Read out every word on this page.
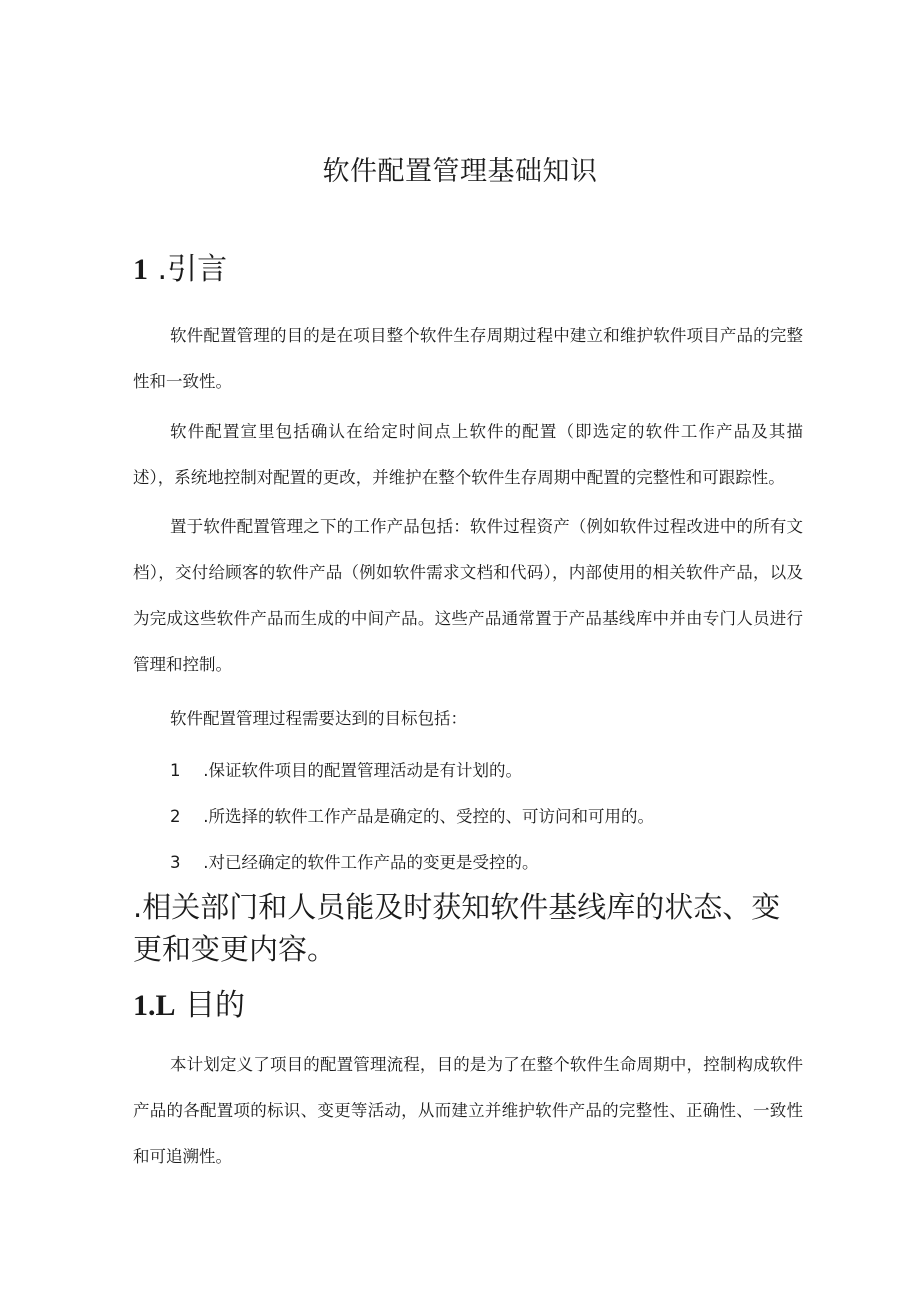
软件配置管理基础知识
1 .引言
软件配置管理的目的是在项目整个软件生存周期过程中建立和维护软件项目产品的完整性和一致性。
软件配置宣里包括确认在给定时间点上软件的配置（即选定的软件工作产品及其描述），系统地控制对配置的更改，并维护在整个软件生存周期中配置的完整性和可跟踪性。
置于软件配置管理之下的工作产品包括：软件过程资产（例如软件过程改进中的所有文档），交付给顾客的软件产品（例如软件需求文档和代码），内部使用的相关软件产品，以及为完成这些软件产品而生成的中间产品。这些产品通常置于产品基线库中并由专门人员进行管理和控制。
软件配置管理过程需要达到的目标包括：
1 .保证软件项目的配置管理活动是有计划的。
2 .所选择的软件工作产品是确定的、受控的、可访问和可用的。
3 .对已经确定的软件工作产品的变更是受控的。
.相关部门和人员能及时获知软件基线库的状态、变更和变更内容。
1.L 目的
本计划定义了项目的配置管理流程，目的是为了在整个软件生命周期中，控制构成软件产品的各配置项的标识、变更等活动，从而建立并维护软件产品的完整性、正确性、一致性和可追溯性。
